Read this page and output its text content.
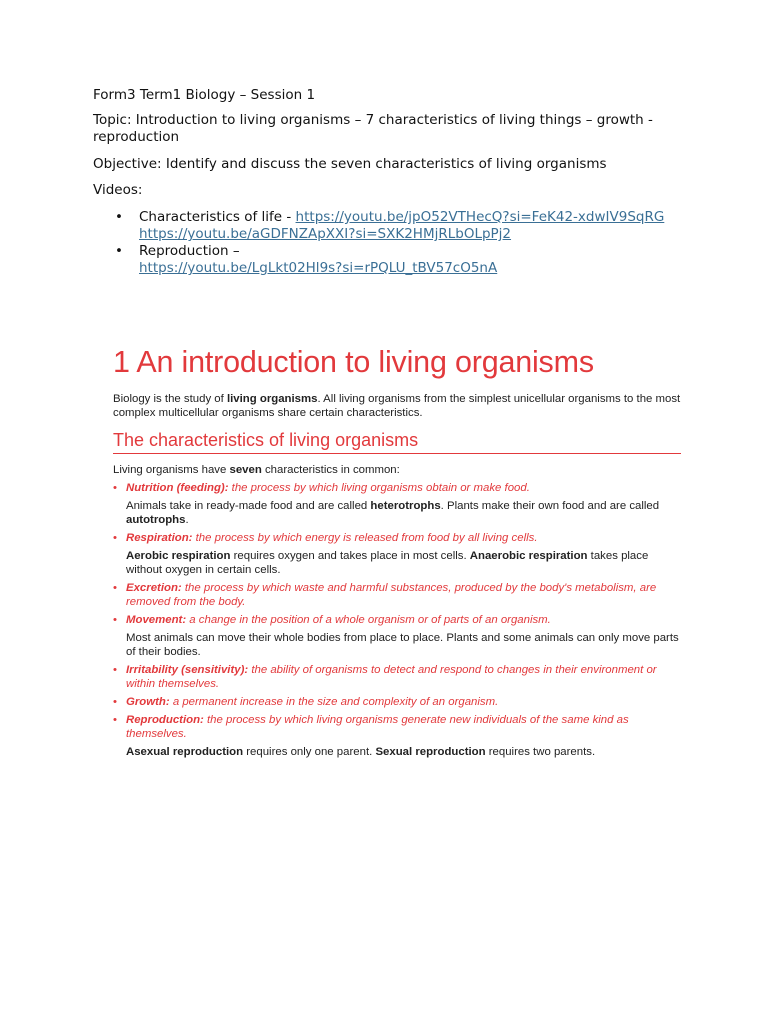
Form3 Term1 Biology – Session 1
Topic: Introduction to living organisms – 7 characteristics of living things – growth - reproduction
Objective: Identify and discuss the seven characteristics of living organisms
Videos:
• Characteristics of life - https://youtu.be/jpO52VTHecQ?si=FeK42-xdwIV9SqRG
https://youtu.be/aGDFNZApXXI?si=SXK2HMjRLbOLpPj2
• Reproduction –
https://youtu.be/LgLkt02Hl9s?si=rPQLU_tBV57cO5nA
1 An introduction to living organisms
Biology is the study of living organisms. All living organisms from the simplest unicellular organisms to the most complex multicellular organisms share certain characteristics.
The characteristics of living organisms
Living organisms have seven characteristics in common:
• Nutrition (feeding): the process by which living organisms obtain or make food.
Animals take in ready-made food and are called heterotrophs. Plants make their own food and are called autotrophs.
• Respiration: the process by which energy is released from food by all living cells.
Aerobic respiration requires oxygen and takes place in most cells. Anaerobic respiration takes place without oxygen in certain cells.
• Excretion: the process by which waste and harmful substances, produced by the body's metabolism, are removed from the body.
• Movement: a change in the position of a whole organism or of parts of an organism.
Most animals can move their whole bodies from place to place. Plants and some animals can only move parts of their bodies.
• Irritability (sensitivity): the ability of organisms to detect and respond to changes in their environment or within themselves.
• Growth: a permanent increase in the size and complexity of an organism.
• Reproduction: the process by which living organisms generate new individuals of the same kind as themselves.
Asexual reproduction requires only one parent. Sexual reproduction requires two parents.
